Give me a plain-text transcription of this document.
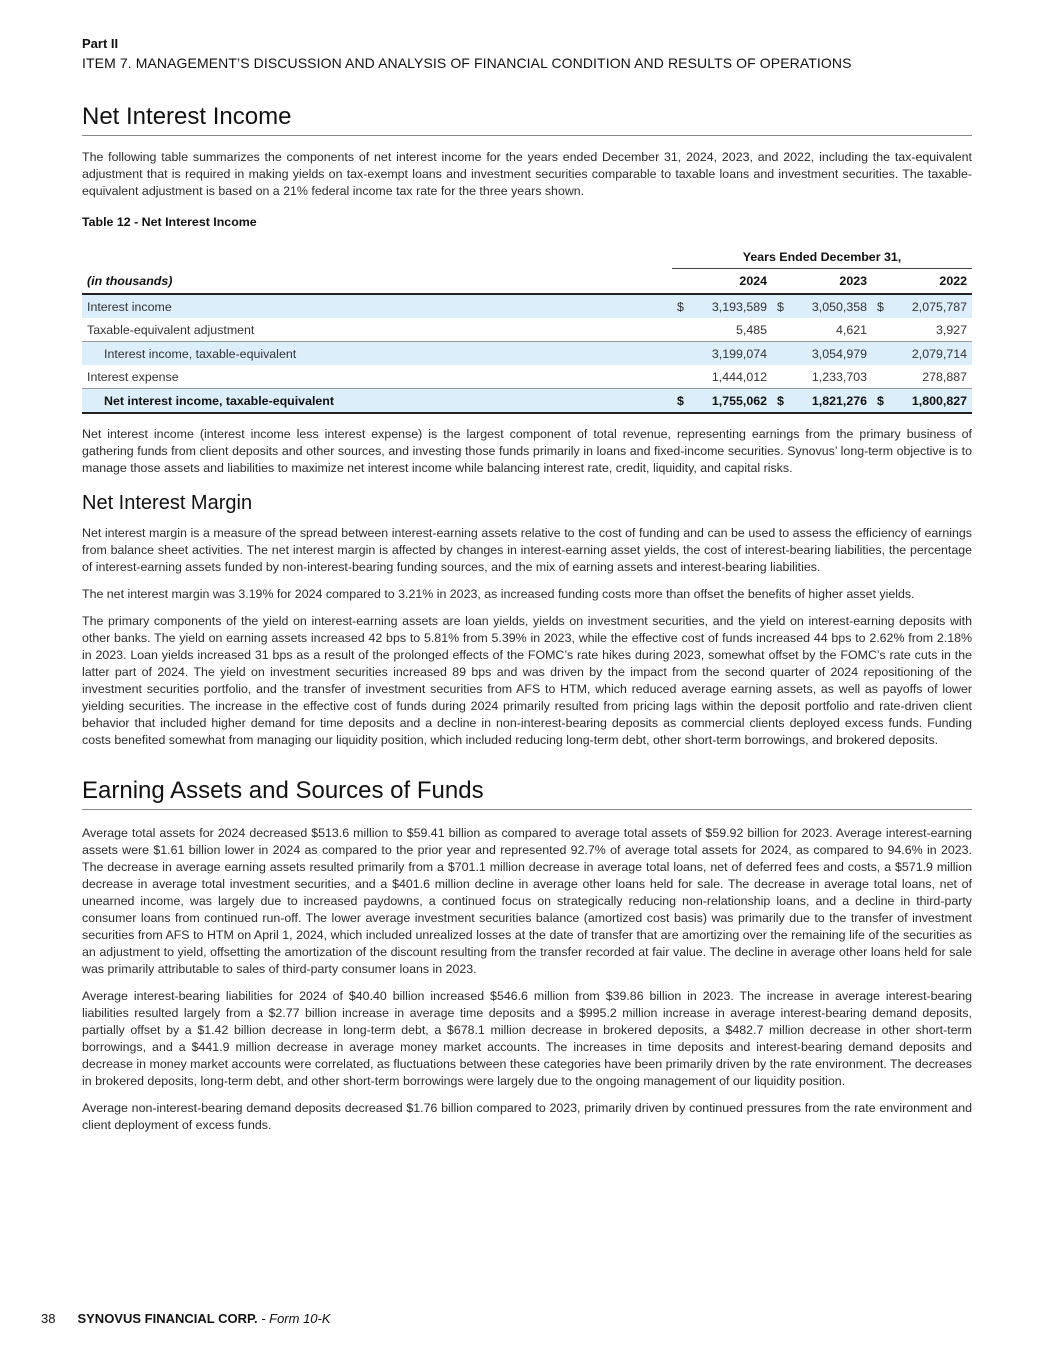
Part II
ITEM 7. MANAGEMENT’S DISCUSSION AND ANALYSIS OF FINANCIAL CONDITION AND RESULTS OF OPERATIONS
Net Interest Income

The following table summarizes the components of net interest income for the years ended December 31, 2024, 2023, and 2022, including the tax-equivalent adjustment that is required in making yields on tax-exempt loans and investment securities comparable to taxable loans and investment securities. The taxable-equivalent adjustment is based on a 21% federal income tax rate for the three years shown.

Table 12 - Net Interest Income
	Years Ended December 31,					
(in thousands)	2024		2023		2022	
Interest income	$	3,193,589	$	3,050,358	$	2,075,787
Taxable-equivalent adjustment		5,485		4,621		3,927
Interest income, taxable-equivalent		3,199,074		3,054,979		2,079,714
Interest expense		1,444,012		1,233,703		278,887
Net interest income, taxable-equivalent	$	1,755,062	$	1,821,276	$	1,800,827

Net interest income (interest income less interest expense) is the largest component of total revenue, representing earnings from the primary business of gathering funds from client deposits and other sources, and investing those funds primarily in loans and fixed-income securities. Synovus’ long-term objective is to manage those assets and liabilities to maximize net interest income while balancing interest rate, credit, liquidity, and capital risks.

Net Interest Margin

Net interest margin is a measure of the spread between interest-earning assets relative to the cost of funding and can be used to assess the efficiency of earnings from balance sheet activities. The net interest margin is affected by changes in interest-earning asset yields, the cost of interest-bearing liabilities, the percentage of interest-earning assets funded by non-interest-bearing funding sources, and the mix of earning assets and interest-bearing liabilities.

The net interest margin was 3.19% for 2024 compared to 3.21% in 2023, as increased funding costs more than offset the benefits of higher asset yields.

The primary components of the yield on interest-earning assets are loan yields, yields on investment securities, and the yield on interest-earning deposits with other banks. The yield on earning assets increased 42 bps to 5.81% from 5.39% in 2023, while the effective cost of funds increased 44 bps to 2.62% from 2.18% in 2023. Loan yields increased 31 bps as a result of the prolonged effects of the FOMC’s rate hikes during 2023, somewhat offset by the FOMC’s rate cuts in the latter part of 2024. The yield on investment securities increased 89 bps and was driven by the impact from the second quarter of 2024 repositioning of the investment securities portfolio, and the transfer of investment securities from AFS to HTM, which reduced average earning assets, as well as payoffs of lower yielding securities. The increase in the effective cost of funds during 2024 primarily resulted from pricing lags within the deposit portfolio and rate-driven client behavior that included higher demand for time deposits and a decline in non-interest-bearing deposits as commercial clients deployed excess funds. Funding costs benefited somewhat from managing our liquidity position, which included reducing long-term debt, other short-term borrowings, and brokered deposits.

Earning Assets and Sources of Funds

Average total assets for 2024 decreased $513.6 million to $59.41 billion as compared to average total assets of $59.92 billion for 2023. Average interest-earning assets were $1.61 billion lower in 2024 as compared to the prior year and represented 92.7% of average total assets for 2024, as compared to 94.6% in 2023. The decrease in average earning assets resulted primarily from a $701.1 million decrease in average total loans, net of deferred fees and costs, a $571.9 million decrease in average total investment securities, and a $401.6 million decline in average other loans held for sale. The decrease in average total loans, net of unearned income, was largely due to increased paydowns, a continued focus on strategically reducing non-relationship loans, and a decline in third-party consumer loans from continued run-off. The lower average investment securities balance (amortized cost basis) was primarily due to the transfer of investment securities from AFS to HTM on April 1, 2024, which included unrealized losses at the date of transfer that are amortizing over the remaining life of the securities as an adjustment to yield, offsetting the amortization of the discount resulting from the transfer recorded at fair value. The decline in average other loans held for sale was primarily attributable to sales of third-party consumer loans in 2023.

Average interest-bearing liabilities for 2024 of $40.40 billion increased $546.6 million from $39.86 billion in 2023. The increase in average interest-bearing liabilities resulted largely from a $2.77 billion increase in average time deposits and a $995.2 million increase in average interest-bearing demand deposits, partially offset by a $1.42 billion decrease in long-term debt, a $678.1 million decrease in brokered deposits, a $482.7 million decrease in other short-term borrowings, and a $441.9 million decrease in average money market accounts. The increases in time deposits and interest-bearing demand deposits and decrease in money market accounts were correlated, as fluctuations between these categories have been primarily driven by the rate environment. The decreases in brokered deposits, long-term debt, and other short-term borrowings were largely due to the ongoing management of our liquidity position.

Average non-interest-bearing demand deposits decreased $1.76 billion compared to 2023, primarily driven by continued pressures from the rate environment and client deployment of excess funds.

38 SYNOVUS FINANCIAL CORP. - Form 10-K
